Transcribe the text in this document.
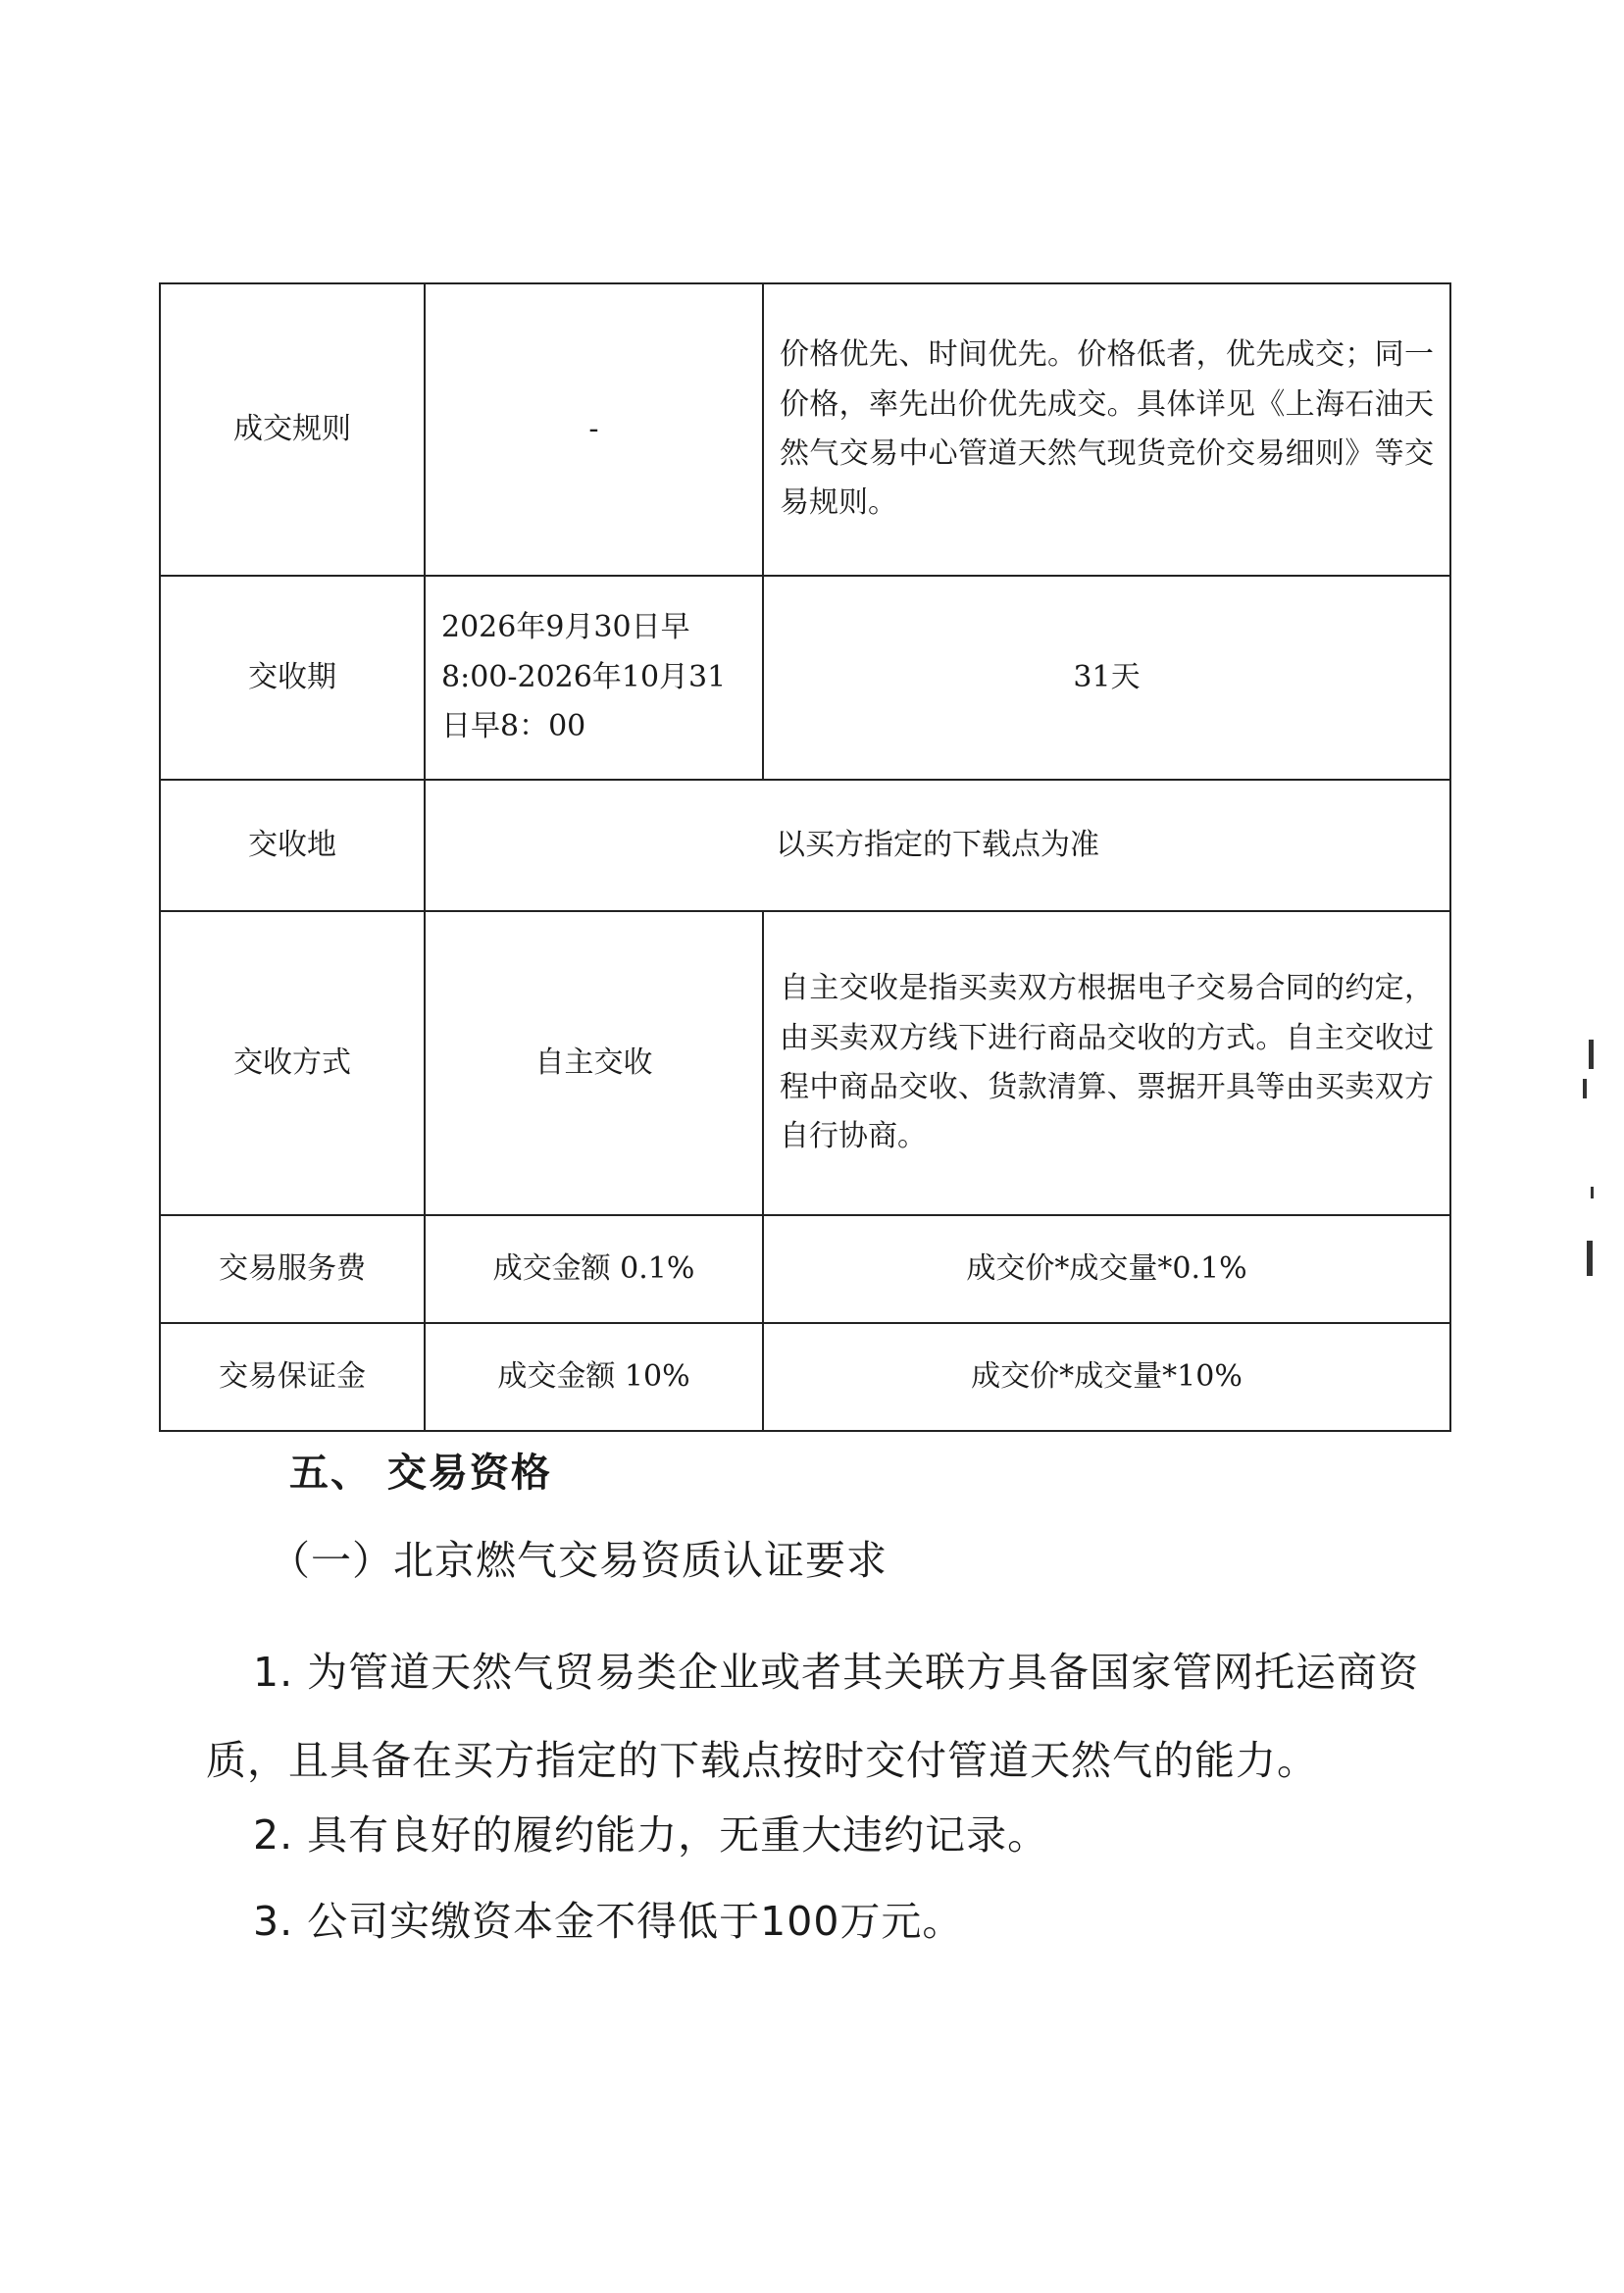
成交规则	-	价格优先、时间优先。价格低者，优先成交；同一价格，率先出价优先成交。具体详见《上海石油天然气交易中心管道天然气现货竞价交易细则》等交易规则。
交收期	2026年9月30日早8:00-2026年10月31日早8：00	31天
交收地	以买方指定的下载点为准	
交收方式	自主交收	自主交收是指买卖双方根据电子交易合同的约定，由买卖双方线下进行商品交收的方式。自主交收过程中商品交收、货款清算、票据开具等由买卖双方自行协商。
交易服务费	成交金额 0.1%	成交价*成交量*0.1%
交易保证金	成交金额 10%	成交价*成交量*10%
五、 交易资格
（一）北京燃气交易资质认证要求
1. 为管道天然气贸易类企业或者其关联方具备国家管网托运商资质，且具备在买方指定的下载点按时交付管道天然气的能力。
2. 具有良好的履约能力，无重大违约记录。
3. 公司实缴资本金不得低于100万元。
